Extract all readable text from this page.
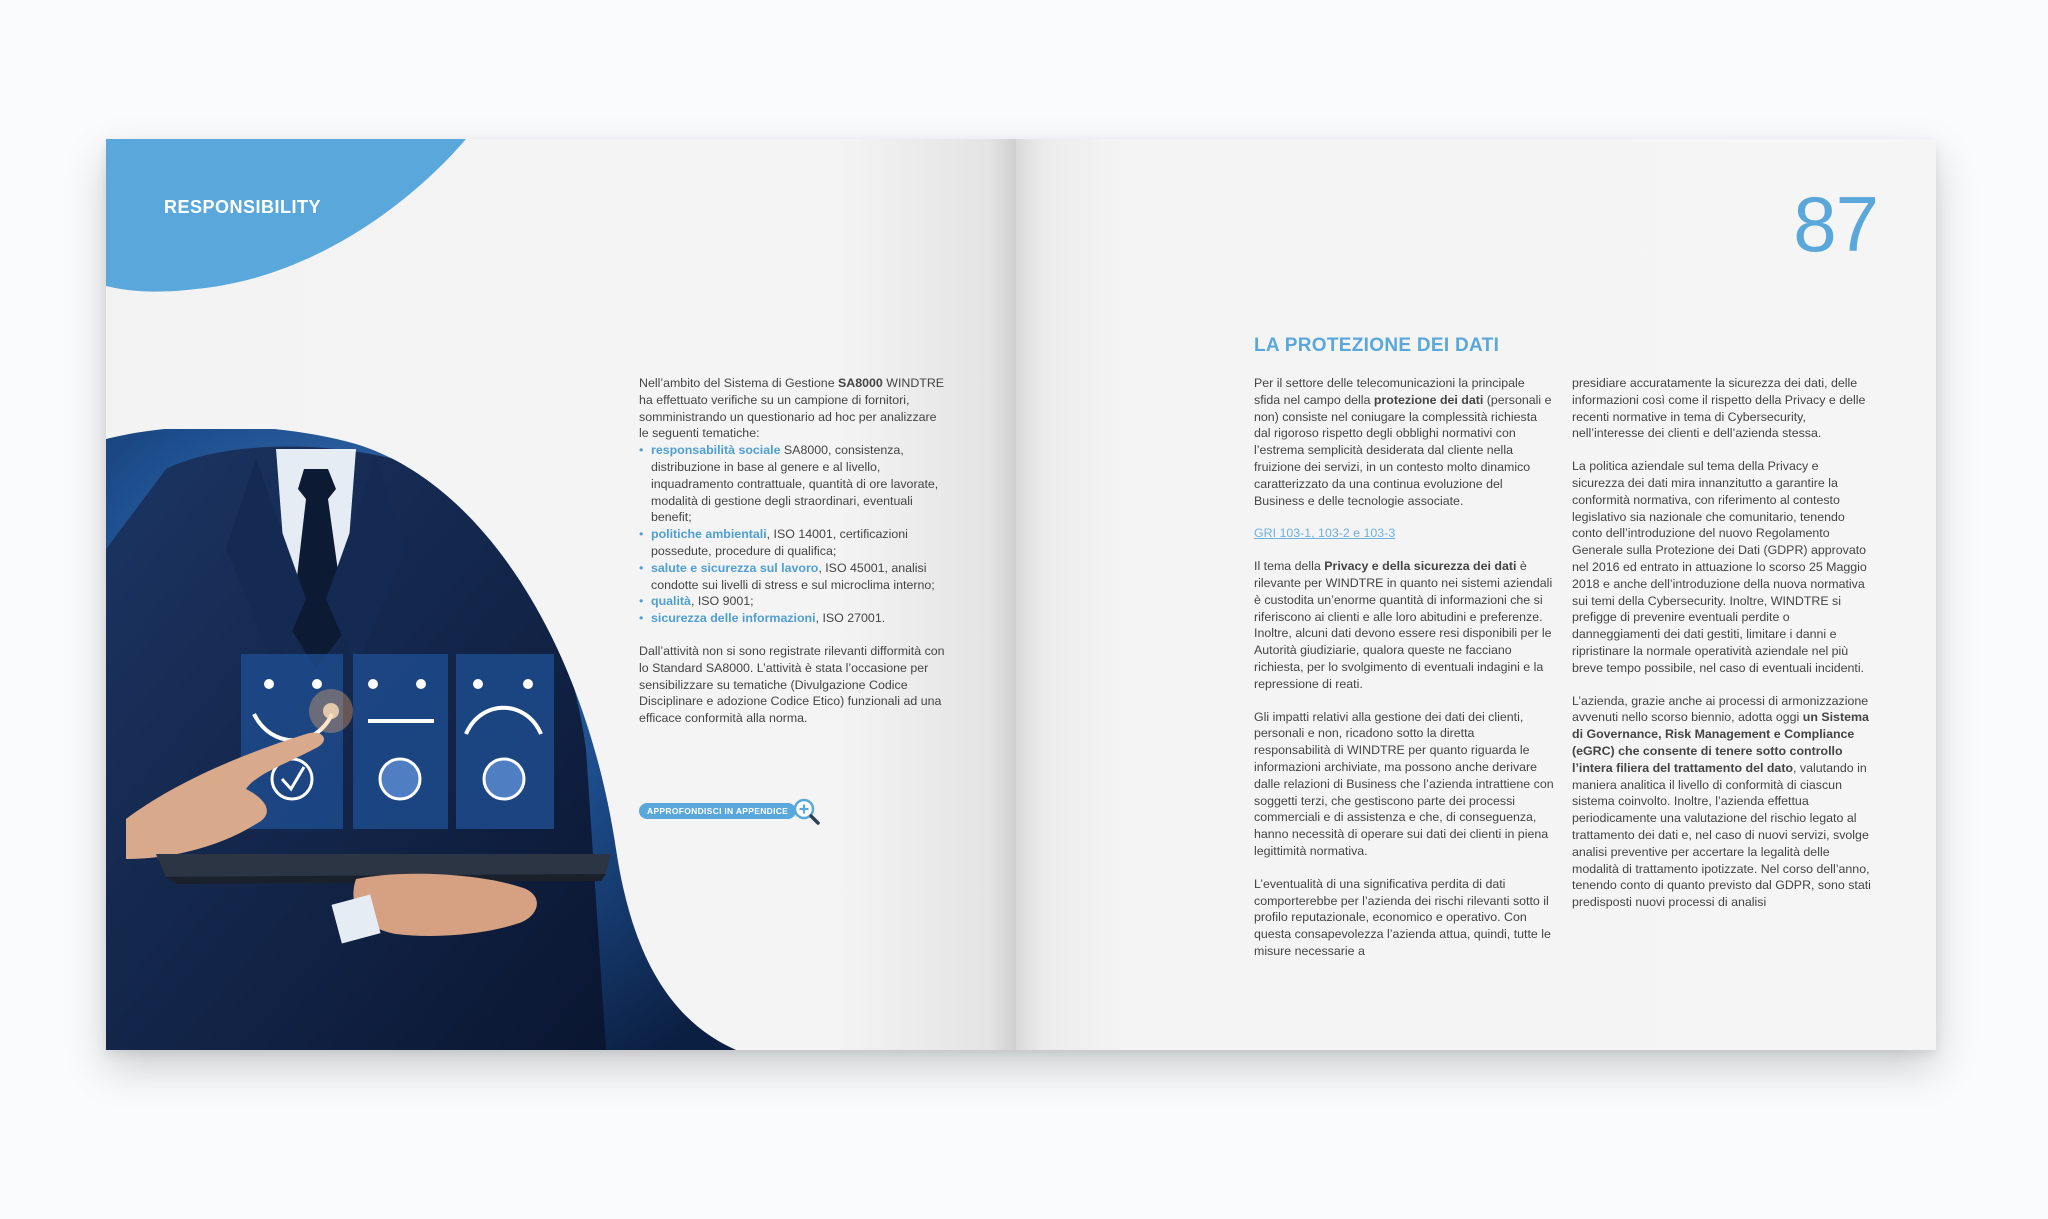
RESPONSIBILITY

Nell’ambito del Sistema di Gestione SA8000 WINDTRE ha effettuato verifiche su un campione di fornitori, somministrando un questionario ad hoc per analizzare le seguenti tematiche:

• responsabilità sociale SA8000, consistenza, distribuzione in base al genere e al livello, inquadramento contrattuale, quantità di ore lavorate, modalità di gestione degli straordinari, eventuali benefit;
• politiche ambientali, ISO 14001, certificazioni possedute, procedure di qualifica;
• salute e sicurezza sul lavoro, ISO 45001, analisi condotte sui livelli di stress e sul microclima interno;
• qualità, ISO 9001;
• sicurezza delle informazioni, ISO 27001.

Dall’attività non si sono registrate rilevanti difformità con lo Standard SA8000. L’attività è stata l’occasione per sensibilizzare su tematiche (Divulgazione Codice Disciplinare e adozione Codice Etico) funzionali ad una efficace conformità alla norma.

APPROFONDISCI IN APPENDICE
87
LA PROTEZIONE DEI DATI

Per il settore delle telecomunicazioni la principale sfida nel campo della protezione dei dati (personali e non) consiste nel coniugare la complessità richiesta dal rigoroso rispetto degli obblighi normativi con l’estrema semplicità desiderata dal cliente nella fruizione dei servizi, in un contesto molto dinamico caratterizzato da una continua evoluzione del Business e delle tecnologie associate.

GRI 103-1, 103-2 e 103-3

Il tema della Privacy e della sicurezza dei dati è rilevante per WINDTRE in quanto nei sistemi aziendali è custodita un’enorme quantità di informazioni che si riferiscono ai clienti e alle loro abitudini e preferenze. Inoltre, alcuni dati devono essere resi disponibili per le Autorità giudiziarie, qualora queste ne facciano richiesta, per lo svolgimento di eventuali indagini e la repressione di reati.

Gli impatti relativi alla gestione dei dati dei clienti, personali e non, ricadono sotto la diretta responsabilità di WINDTRE per quanto riguarda le informazioni archiviate, ma possono anche derivare dalle relazioni di Business che l’azienda intrattiene con soggetti terzi, che gestiscono parte dei processi commerciali e di assistenza e che, di conseguenza, hanno necessità di operare sui dati dei clienti in piena legittimità normativa.

L’eventualità di una significativa perdita di dati comporterebbe per l’azienda dei rischi rilevanti sotto il profilo reputazionale, economico e operativo. Con questa consapevolezza l’azienda attua, quindi, tutte le misure necessarie a

presidiare accuratamente la sicurezza dei dati, delle informazioni così come il rispetto della Privacy e delle recenti normative in tema di Cybersecurity, nell’interesse dei clienti e dell’azienda stessa.

La politica aziendale sul tema della Privacy e sicurezza dei dati mira innanzitutto a garantire la conformità normativa, con riferimento al contesto legislativo sia nazionale che comunitario, tenendo conto dell’introduzione del nuovo Regolamento Generale sulla Protezione dei Dati (GDPR) approvato nel 2016 ed entrato in attuazione lo scorso 25 Maggio 2018 e anche dell’introduzione della nuova normativa sui temi della Cybersecurity. Inoltre, WINDTRE si prefigge di prevenire eventuali perdite o danneggiamenti dei dati gestiti, limitare i danni e ripristinare la normale operatività aziendale nel più breve tempo possibile, nel caso di eventuali incidenti.

L’azienda, grazie anche ai processi di armonizzazione avvenuti nello scorso biennio, adotta oggi un Sistema di Governance, Risk Management e Compliance (eGRC) che consente di tenere sotto controllo l’intera filiera del trattamento del dato, valutando in maniera analitica il livello di conformità di ciascun sistema coinvolto. Inoltre, l’azienda effettua periodicamente una valutazione del rischio legato al trattamento dei dati e, nel caso di nuovi servizi, svolge analisi preventive per accertare la legalità delle modalità di trattamento ipotizzate. Nel corso dell’anno, tenendo conto di quanto previsto dal GDPR, sono stati predisposti nuovi processi di analisi
